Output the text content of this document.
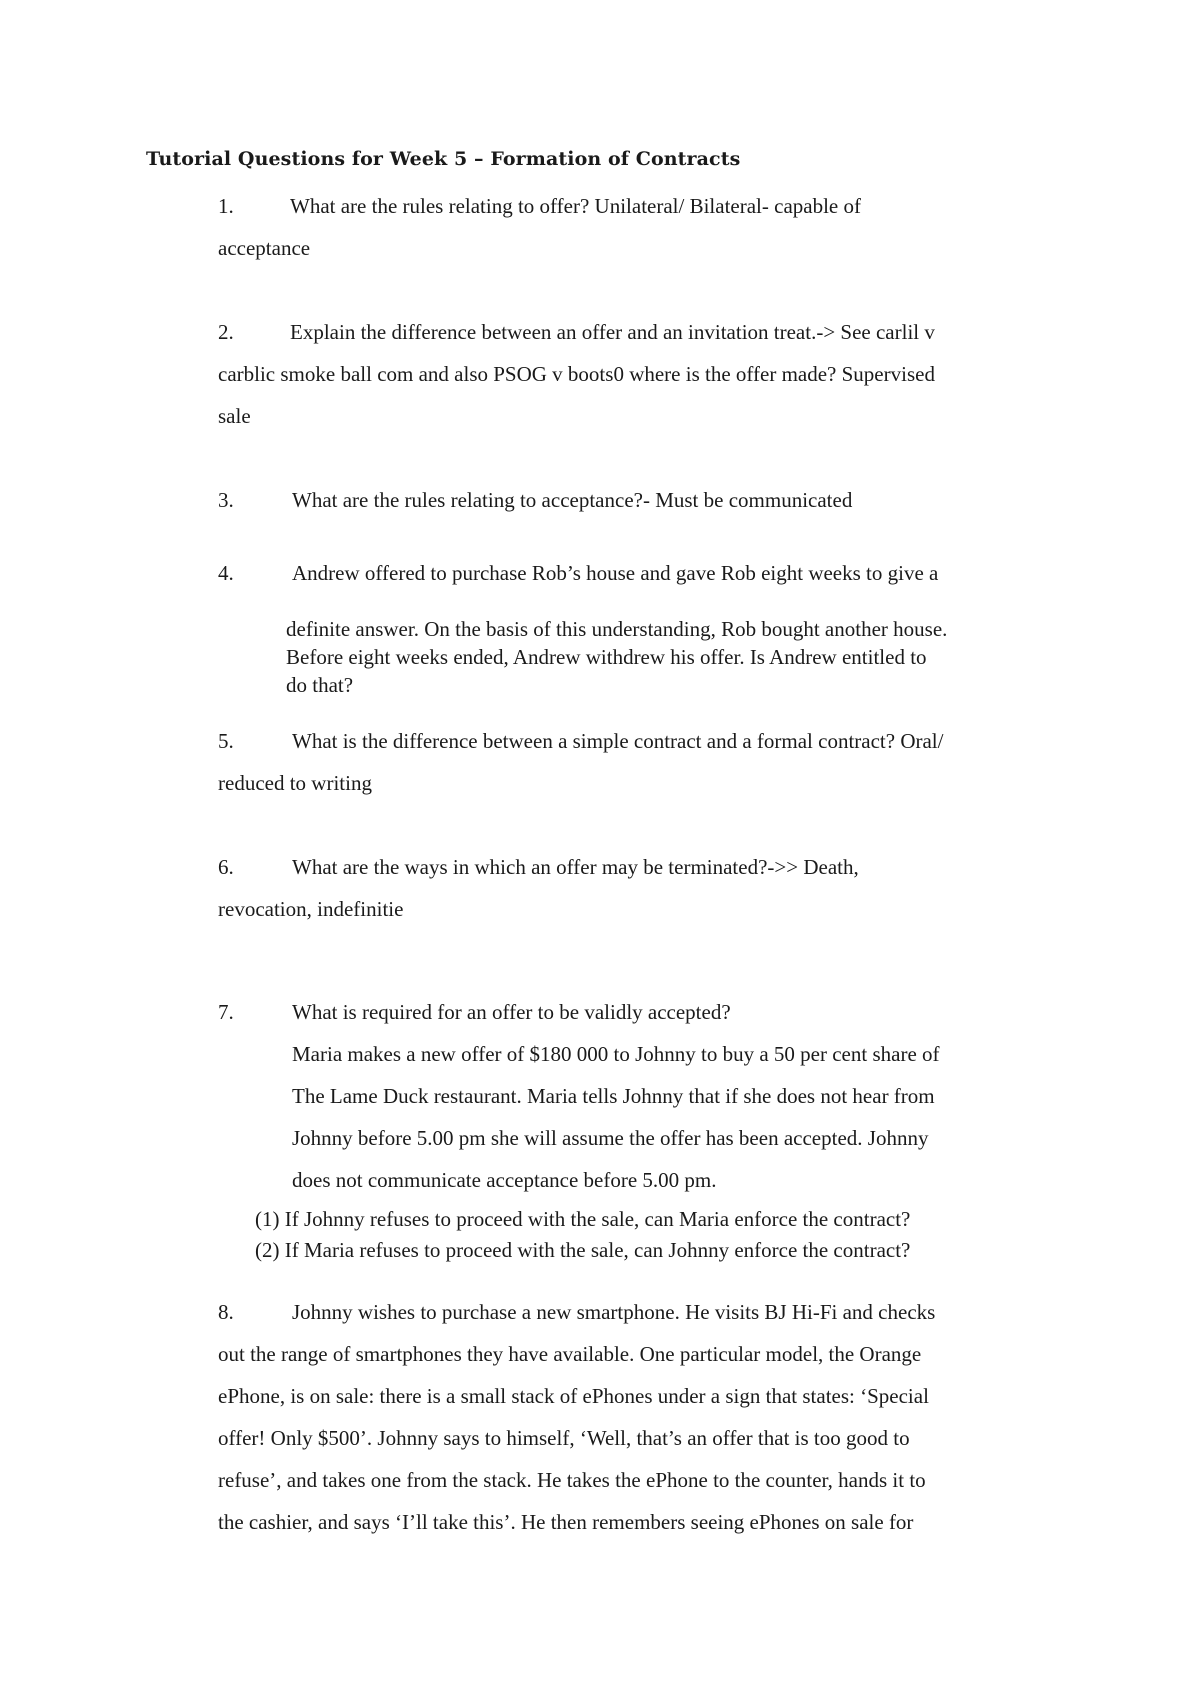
Tutorial Questions for Week 5 – Formation of Contracts
1.	What are the rules relating to offer? Unilateral/ Bilateral- capable of
acceptance
2.	Explain the difference between an offer and an invitation treat.-> See carlil v
carblic smoke ball com and also PSOG v boots0 where is the offer made? Supervised
sale
3.	What are the rules relating to acceptance?- Must be communicated
4.	Andrew offered to purchase Rob’s house and gave Rob eight weeks to give a
definite answer. On the basis of this understanding, Rob bought another house.
Before eight weeks ended, Andrew withdrew his offer. Is Andrew entitled to
do that?
5.	What is the difference between a simple contract and a formal contract? Oral/
reduced to writing
6.	What are the ways in which an offer may be terminated?->> Death,
revocation, indefinitie
7.	What is required for an offer to be validly accepted?
Maria makes a new offer of $180 000 to Johnny to buy a 50 per cent share of
The Lame Duck restaurant. Maria tells Johnny that if she does not hear from
Johnny before 5.00 pm she will assume the offer has been accepted. Johnny
does not communicate acceptance before 5.00 pm.
(1) If Johnny refuses to proceed with the sale, can Maria enforce the contract?
(2) If Maria refuses to proceed with the sale, can Johnny enforce the contract?
8.	Johnny wishes to purchase a new smartphone. He visits BJ Hi-Fi and checks
out the range of smartphones they have available. One particular model, the Orange
ePhone, is on sale: there is a small stack of ePhones under a sign that states: ‘Special
offer! Only $500’. Johnny says to himself, ‘Well, that’s an offer that is too good to
refuse’, and takes one from the stack. He takes the ePhone to the counter, hands it to
the cashier, and says ‘I’ll take this’. He then remembers seeing ePhones on sale for
